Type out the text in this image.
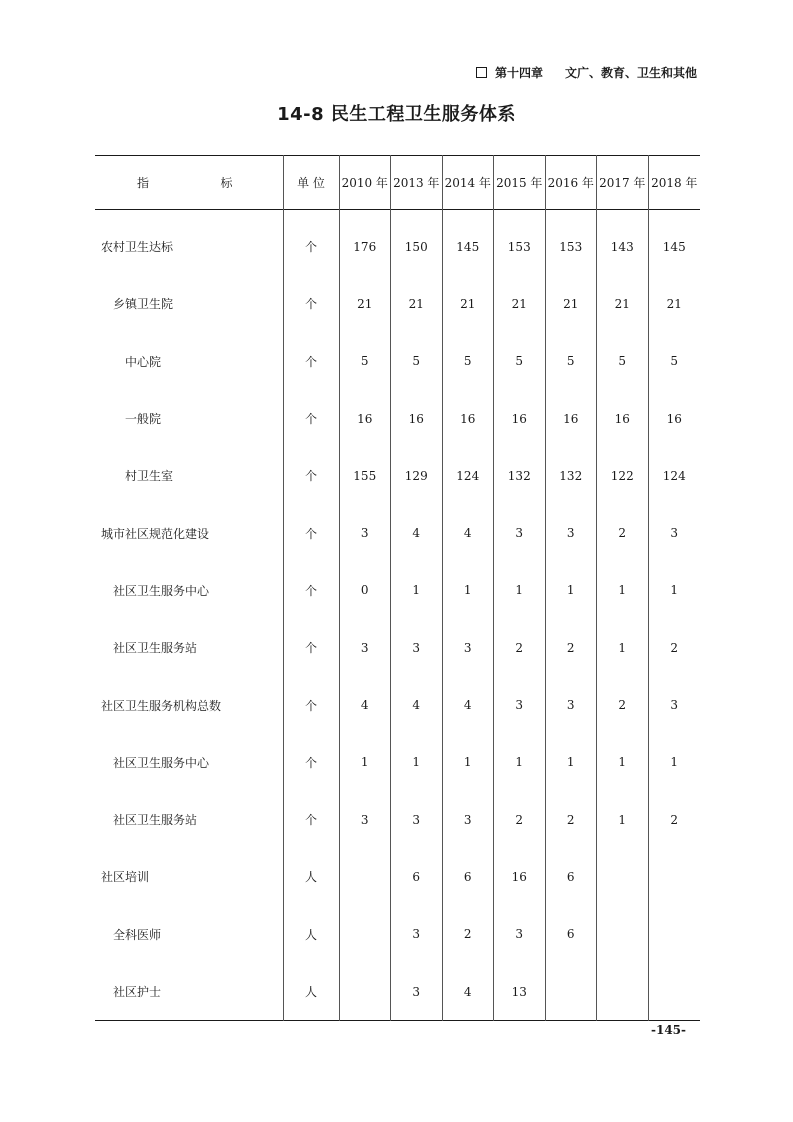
第十四章 文广、教育、卫生和其他
14-8 民生工程卫生服务体系
指 标	单 位	2010 年	2013 年	2014 年	2015 年	2016 年	2017 年	2018 年
农村卫生达标	个	176	150	145	153	153	143	145
乡镇卫生院	个	21	21	21	21	21	21	21
中心院	个	5	5	5	5	5	5	5
一般院	个	16	16	16	16	16	16	16
村卫生室	个	155	129	124	132	132	122	124
城市社区规范化建设	个	3	4	4	3	3	2	3
社区卫生服务中心	个	0	1	1	1	1	1	1
社区卫生服务站	个	3	3	3	2	2	1	2
社区卫生服务机构总数	个	4	4	4	3	3	2	3
社区卫生服务中心	个	1	1	1	1	1	1	1
社区卫生服务站	个	3	3	3	2	2	1	2
社区培训	人		6	6	16	6		
全科医师	人		3	2	3	6		
社区护士	人		3	4	13			
-145-
